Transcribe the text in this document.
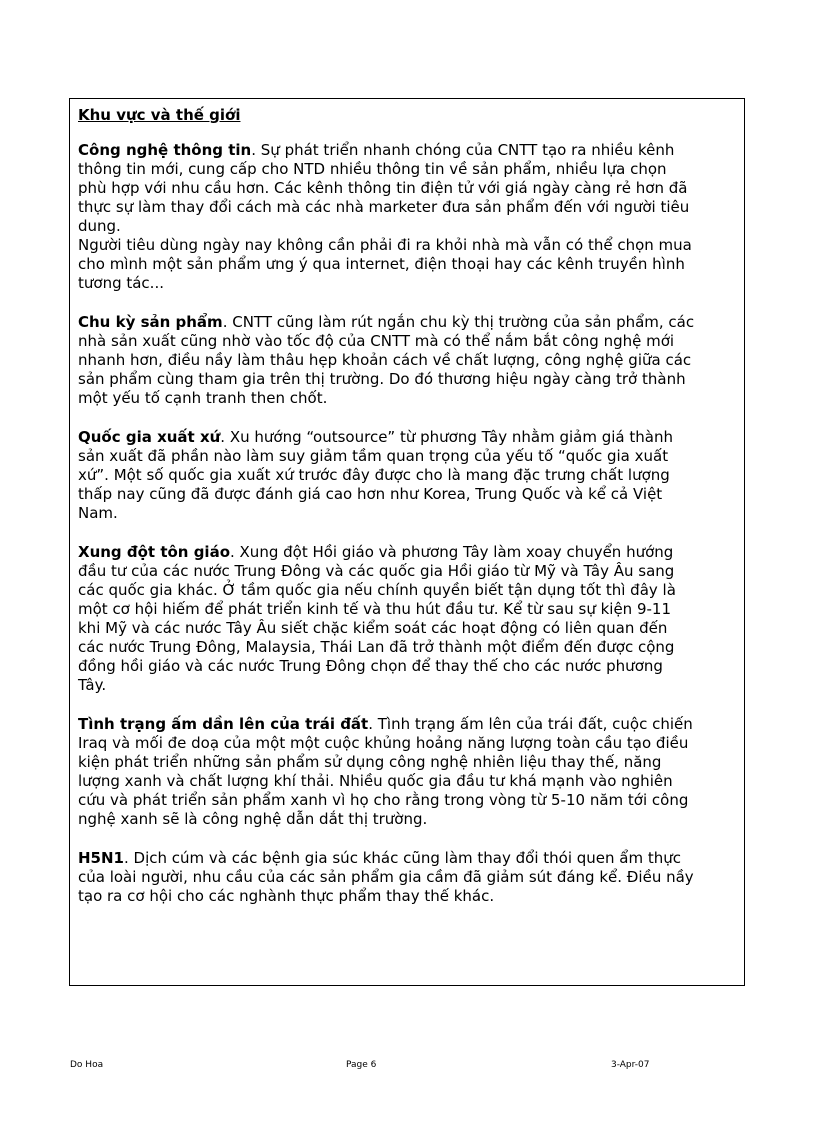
Khu vực và thế giới
Công nghệ thông tin. Sự phát triển nhanh chóng của CNTT tạo ra nhiều kênh
thông tin mới, cung cấp cho NTD nhiều thông tin về sản phẩm, nhiều lựa chọn
phù hợp với nhu cầu hơn. Các kênh thông tin điện tử với giá ngày càng rẻ hơn đã
thực sự làm thay đổi cách mà các nhà marketer đưa sản phẩm đến với người tiêu
dung.
Người tiêu dùng ngày nay không cần phải đi ra khỏi nhà mà vẫn có thể chọn mua
cho mình một sản phẩm ưng ý qua internet, điện thoại hay các kênh truyền hình
tương tác...
Chu kỳ sản phẩm. CNTT cũng làm rút ngắn chu kỳ thị trường của sản phẩm, các
nhà sản xuất cũng nhờ vào tốc độ của CNTT mà có thể nắm bắt công nghệ mới
nhanh hơn, điều nầy làm thâu hẹp khoản cách về chất lượng, công nghệ giữa các
sản phẩm cùng tham gia trên thị trường. Do đó thương hiệu ngày càng trở thành
một yếu tố cạnh tranh then chốt.
Quốc gia xuất xứ. Xu hướng “outsource” từ phương Tây nhằm giảm giá thành
sản xuất đã phần nào làm suy giảm tầm quan trọng của yếu tố “quốc gia xuất
xứ”. Một số quốc gia xuất xứ trước đây được cho là mang đặc trưng chất lượng
thấp nay cũng đã được đánh giá cao hơn như Korea, Trung Quốc và kể cả Việt
Nam.
Xung đột tôn giáo. Xung đột Hồi giáo và phương Tây làm xoay chuyển hướng
đầu tư của các nước Trung Đông và các quốc gia Hồi giáo từ Mỹ và Tây Âu sang
các quốc gia khác. Ở tầm quốc gia nếu chính quyền biết tận dụng tốt thì đây là
một cơ hội hiếm để phát triển kinh tế và thu hút đầu tư. Kể từ sau sự kiện 9-11
khi Mỹ và các nước Tây Âu siết chặc kiểm soát các hoạt động có liên quan đến
các nước Trung Đông, Malaysia, Thái Lan đã trở thành một điểm đến được cộng
đồng hồi giáo và các nước Trung Đông chọn để thay thế cho các nước phương
Tây.
Tình trạng ấm dần lên của trái đất. Tình trạng ấm lên của trái đất, cuộc chiến
Iraq và mối đe doạ của một một cuộc khủng hoảng năng lượng toàn cầu tạo điều
kiện phát triển những sản phẩm sử dụng công nghệ nhiên liệu thay thế, năng
lượng xanh và chất lượng khí thải. Nhiều quốc gia đầu tư khá mạnh vào nghiên
cứu và phát triển sản phẩm xanh vì họ cho rằng trong vòng từ 5-10 năm tới công
nghệ xanh sẽ là công nghệ dẫn dắt thị trường.
H5N1. Dịch cúm và các bệnh gia súc khác cũng làm thay đổi thói quen ẩm thực
của loài người, nhu cầu của các sản phẩm gia cầm đã giảm sút đáng kể. Điều nầy
tạo ra cơ hội cho các nghành thực phẩm thay thế khác.
Do Hoa	Page 6	3-Apr-07
